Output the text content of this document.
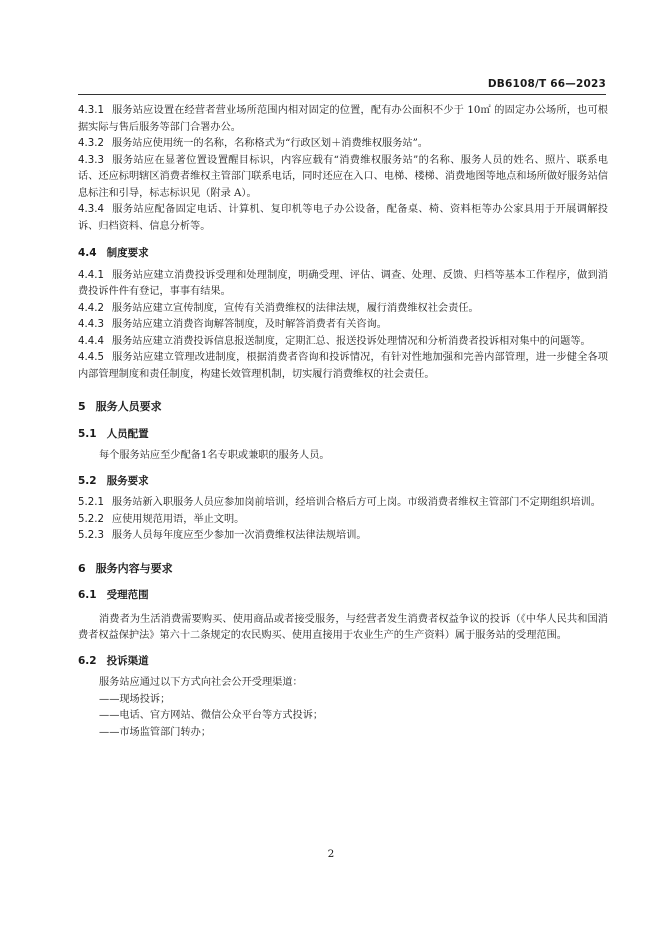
DB6108/T 66—2023

4.3.1 服务站应设置在经营者营业场所范围内相对固定的位置，配有办公面积不少于 10㎡ 的固定办公场所，也可根据实际与售后服务等部门合署办公。

4.3.2 服务站应使用统一的名称，名称格式为“行政区划＋消费维权服务站”。

4.3.3 服务站应在显著位置设置醒目标识，内容应载有“消费维权服务站”的名称、服务人员的姓名、照片、联系电话、还应标明辖区消费者维权主管部门联系电话，同时还应在入口、电梯、楼梯、消费地图等地点和场所做好服务站信息标注和引导，标志标识见（附录 A）。

4.3.4 服务站应配备固定电话、计算机、复印机等电子办公设备，配备桌、椅、资料柜等办公家具用于开展调解投诉、归档资料、信息分析等。

4.4 制度要求

4.4.1 服务站应建立消费投诉受理和处理制度，明确受理、评估、调查、处理、反馈、归档等基本工作程序，做到消费投诉件件有登记，事事有结果。

4.4.2 服务站应建立宣传制度，宣传有关消费维权的法律法规，履行消费维权社会责任。

4.4.3 服务站应建立消费咨询解答制度，及时解答消费者有关咨询。

4.4.4 服务站应建立消费投诉信息报送制度，定期汇总、报送投诉处理情况和分析消费者投诉相对集中的问题等。

4.4.5 服务站应建立管理改进制度，根据消费者咨询和投诉情况，有针对性地加强和完善内部管理，进一步健全各项内部管理制度和责任制度，构建长效管理机制，切实履行消费维权的社会责任。

5 服务人员要求

5.1 人员配置

每个服务站应至少配备1名专职或兼职的服务人员。

5.2 服务要求

5.2.1 服务站新入职服务人员应参加岗前培训，经培训合格后方可上岗。市级消费者维权主管部门不定期组织培训。

5.2.2 应使用规范用语，举止文明。

5.2.3 服务人员每年度应至少参加一次消费维权法律法规培训。

6 服务内容与要求

6.1 受理范围

消费者为生活消费需要购买、使用商品或者接受服务，与经营者发生消费者权益争议的投诉（《中华人民共和国消费者权益保护法》第六十二条规定的农民购买、使用直接用于农业生产的生产资料）属于服务站的受理范围。

6.2 投诉渠道

服务站应通过以下方式向社会公开受理渠道：

——现场投诉；

——电话、官方网站、微信公众平台等方式投诉；

——市场监管部门转办；

2
